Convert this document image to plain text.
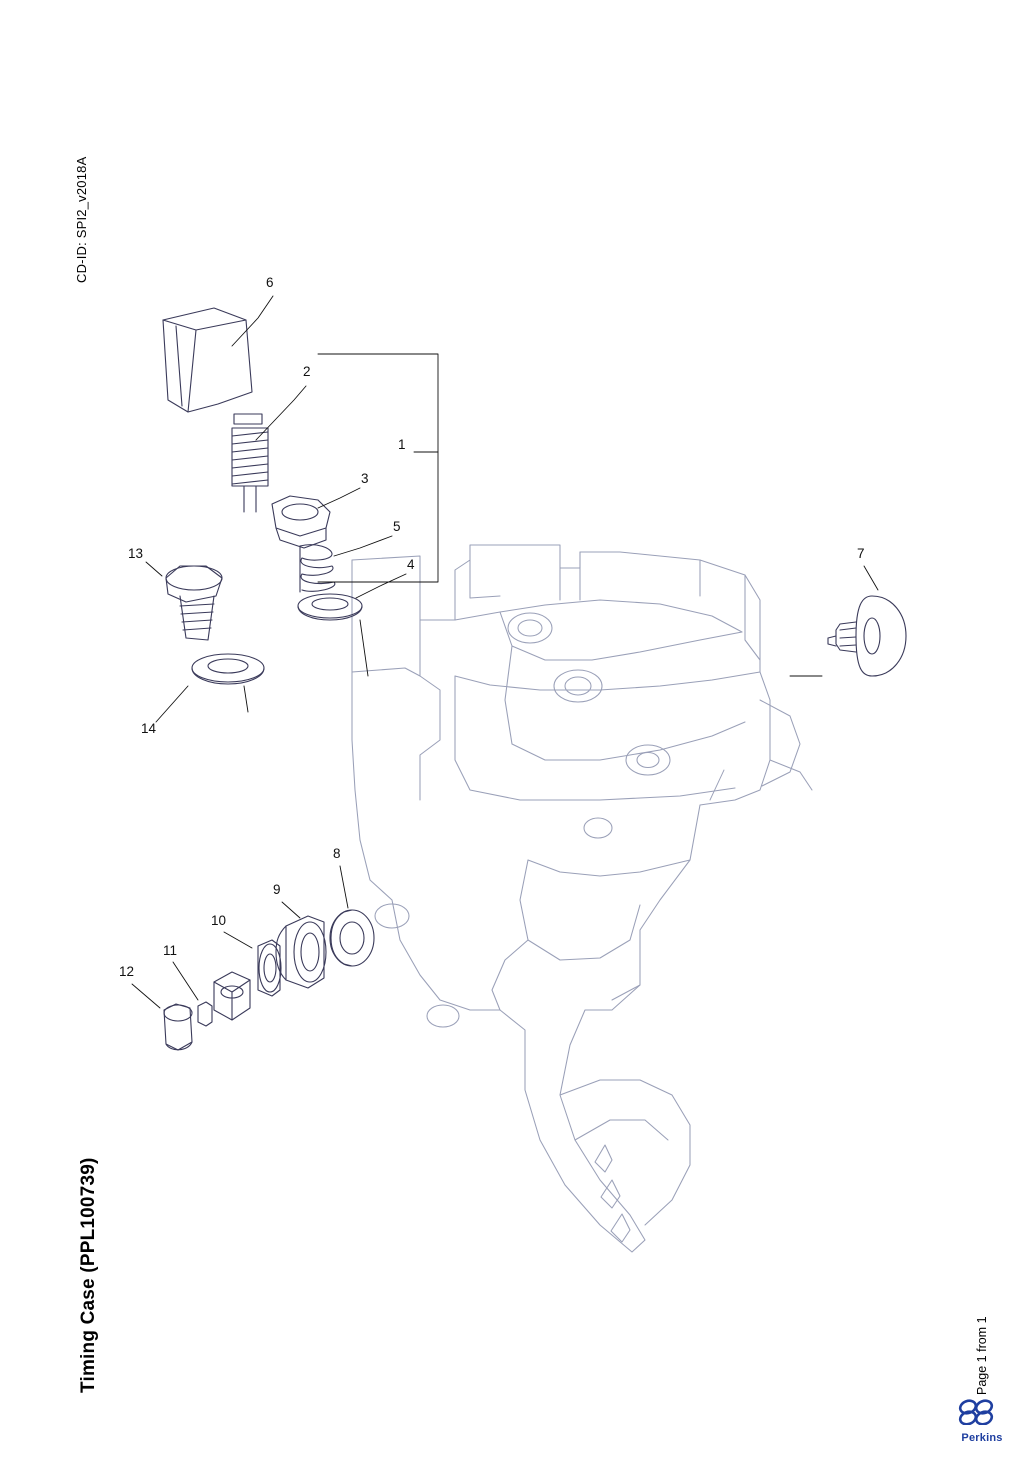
CD-ID: SPI2_v2018A
Timing Case (PPL100739)	Page 1 from 1
1
2
3
4
5
6
7
8
9
10
11
12
13
14
Perkins
